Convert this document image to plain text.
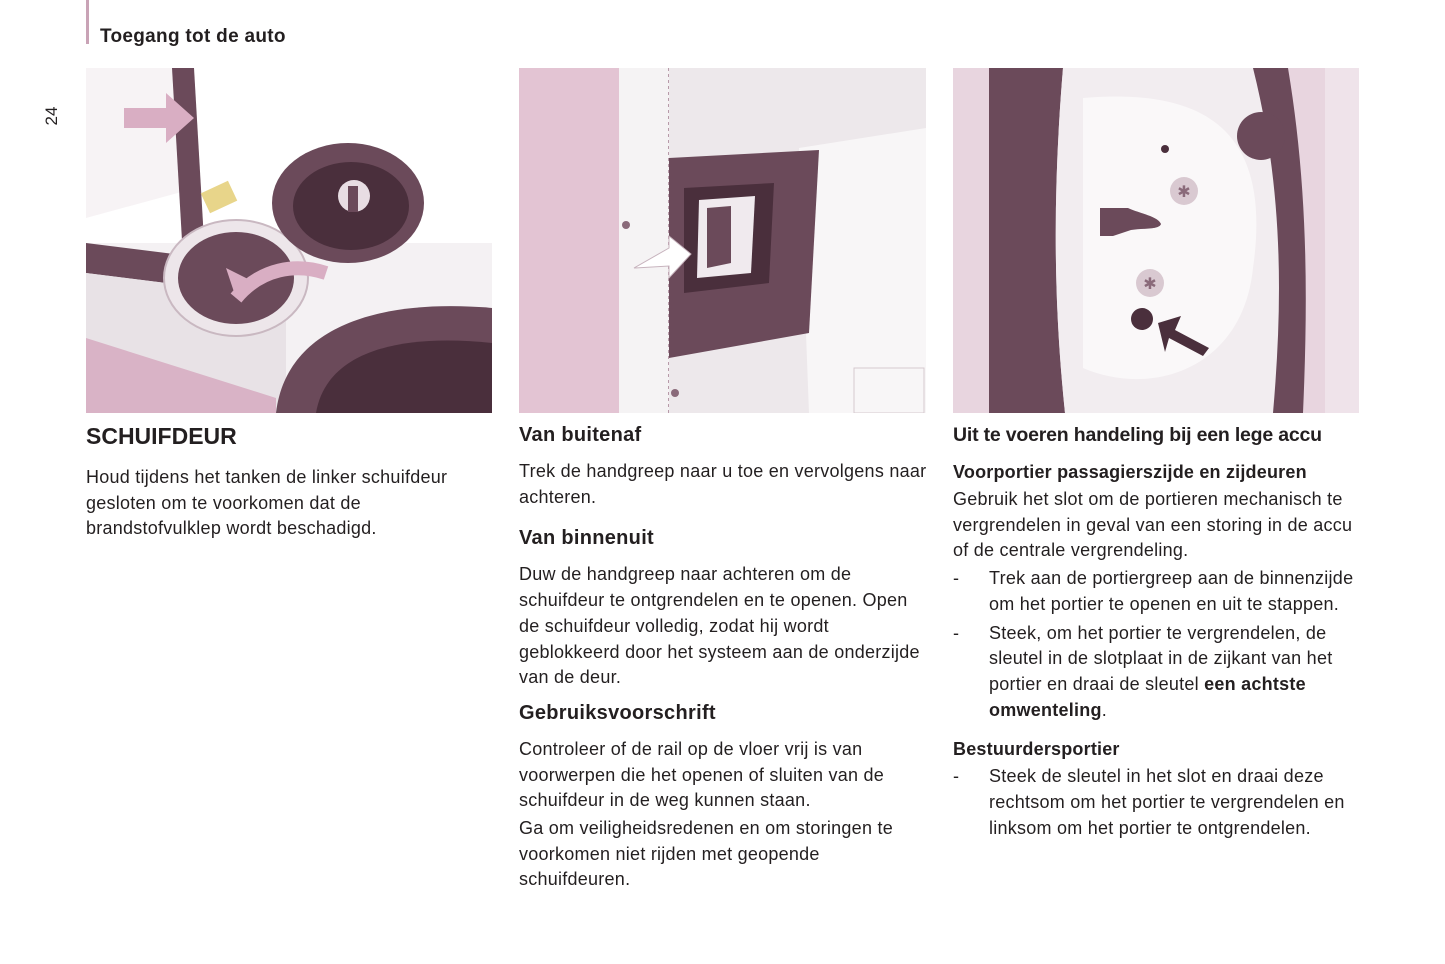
Toegang tot de auto
24
✱
✱
SCHUIFDEUR

Houd tijdens het tanken de linker schuifdeur gesloten om te voorkomen dat de brandstofvulklep wordt beschadigd.

Van buitenaf

Trek de handgreep naar u toe en vervolgens naar achteren.

Van binnenuit

Duw de handgreep naar achteren om de schuifdeur te ontgrendelen en te openen. Open de schuifdeur volledig, zodat hij wordt geblokkeerd door het systeem aan de onderzijde van de deur.

Gebruiksvoorschrift

Controleer of de rail op de vloer vrij is van voorwerpen die het openen of sluiten van de schuifdeur in de weg kunnen staan.

Ga om veiligheidsredenen en om storingen te voorkomen niet rijden met geopende schuifdeuren.

Uit te voeren handeling bij een lege accu
Voorportier passagierszijde en zijdeuren

Gebruik het slot om de portieren mechanisch te vergrendelen in geval van een storing in de accu of de centrale vergrendeling.

- Trek aan de portiergreep aan de binnenzijde om het portier te openen en uit te stappen.
- Steek, om het portier te vergrendelen, de sleutel in de slotplaat in de zijkant van het portier en draai de sleutel een achtste omwenteling.
Bestuurdersportier
- Steek de sleutel in het slot en draai deze rechtsom om het portier te vergrendelen en linksom om het portier te ontgrendelen.
